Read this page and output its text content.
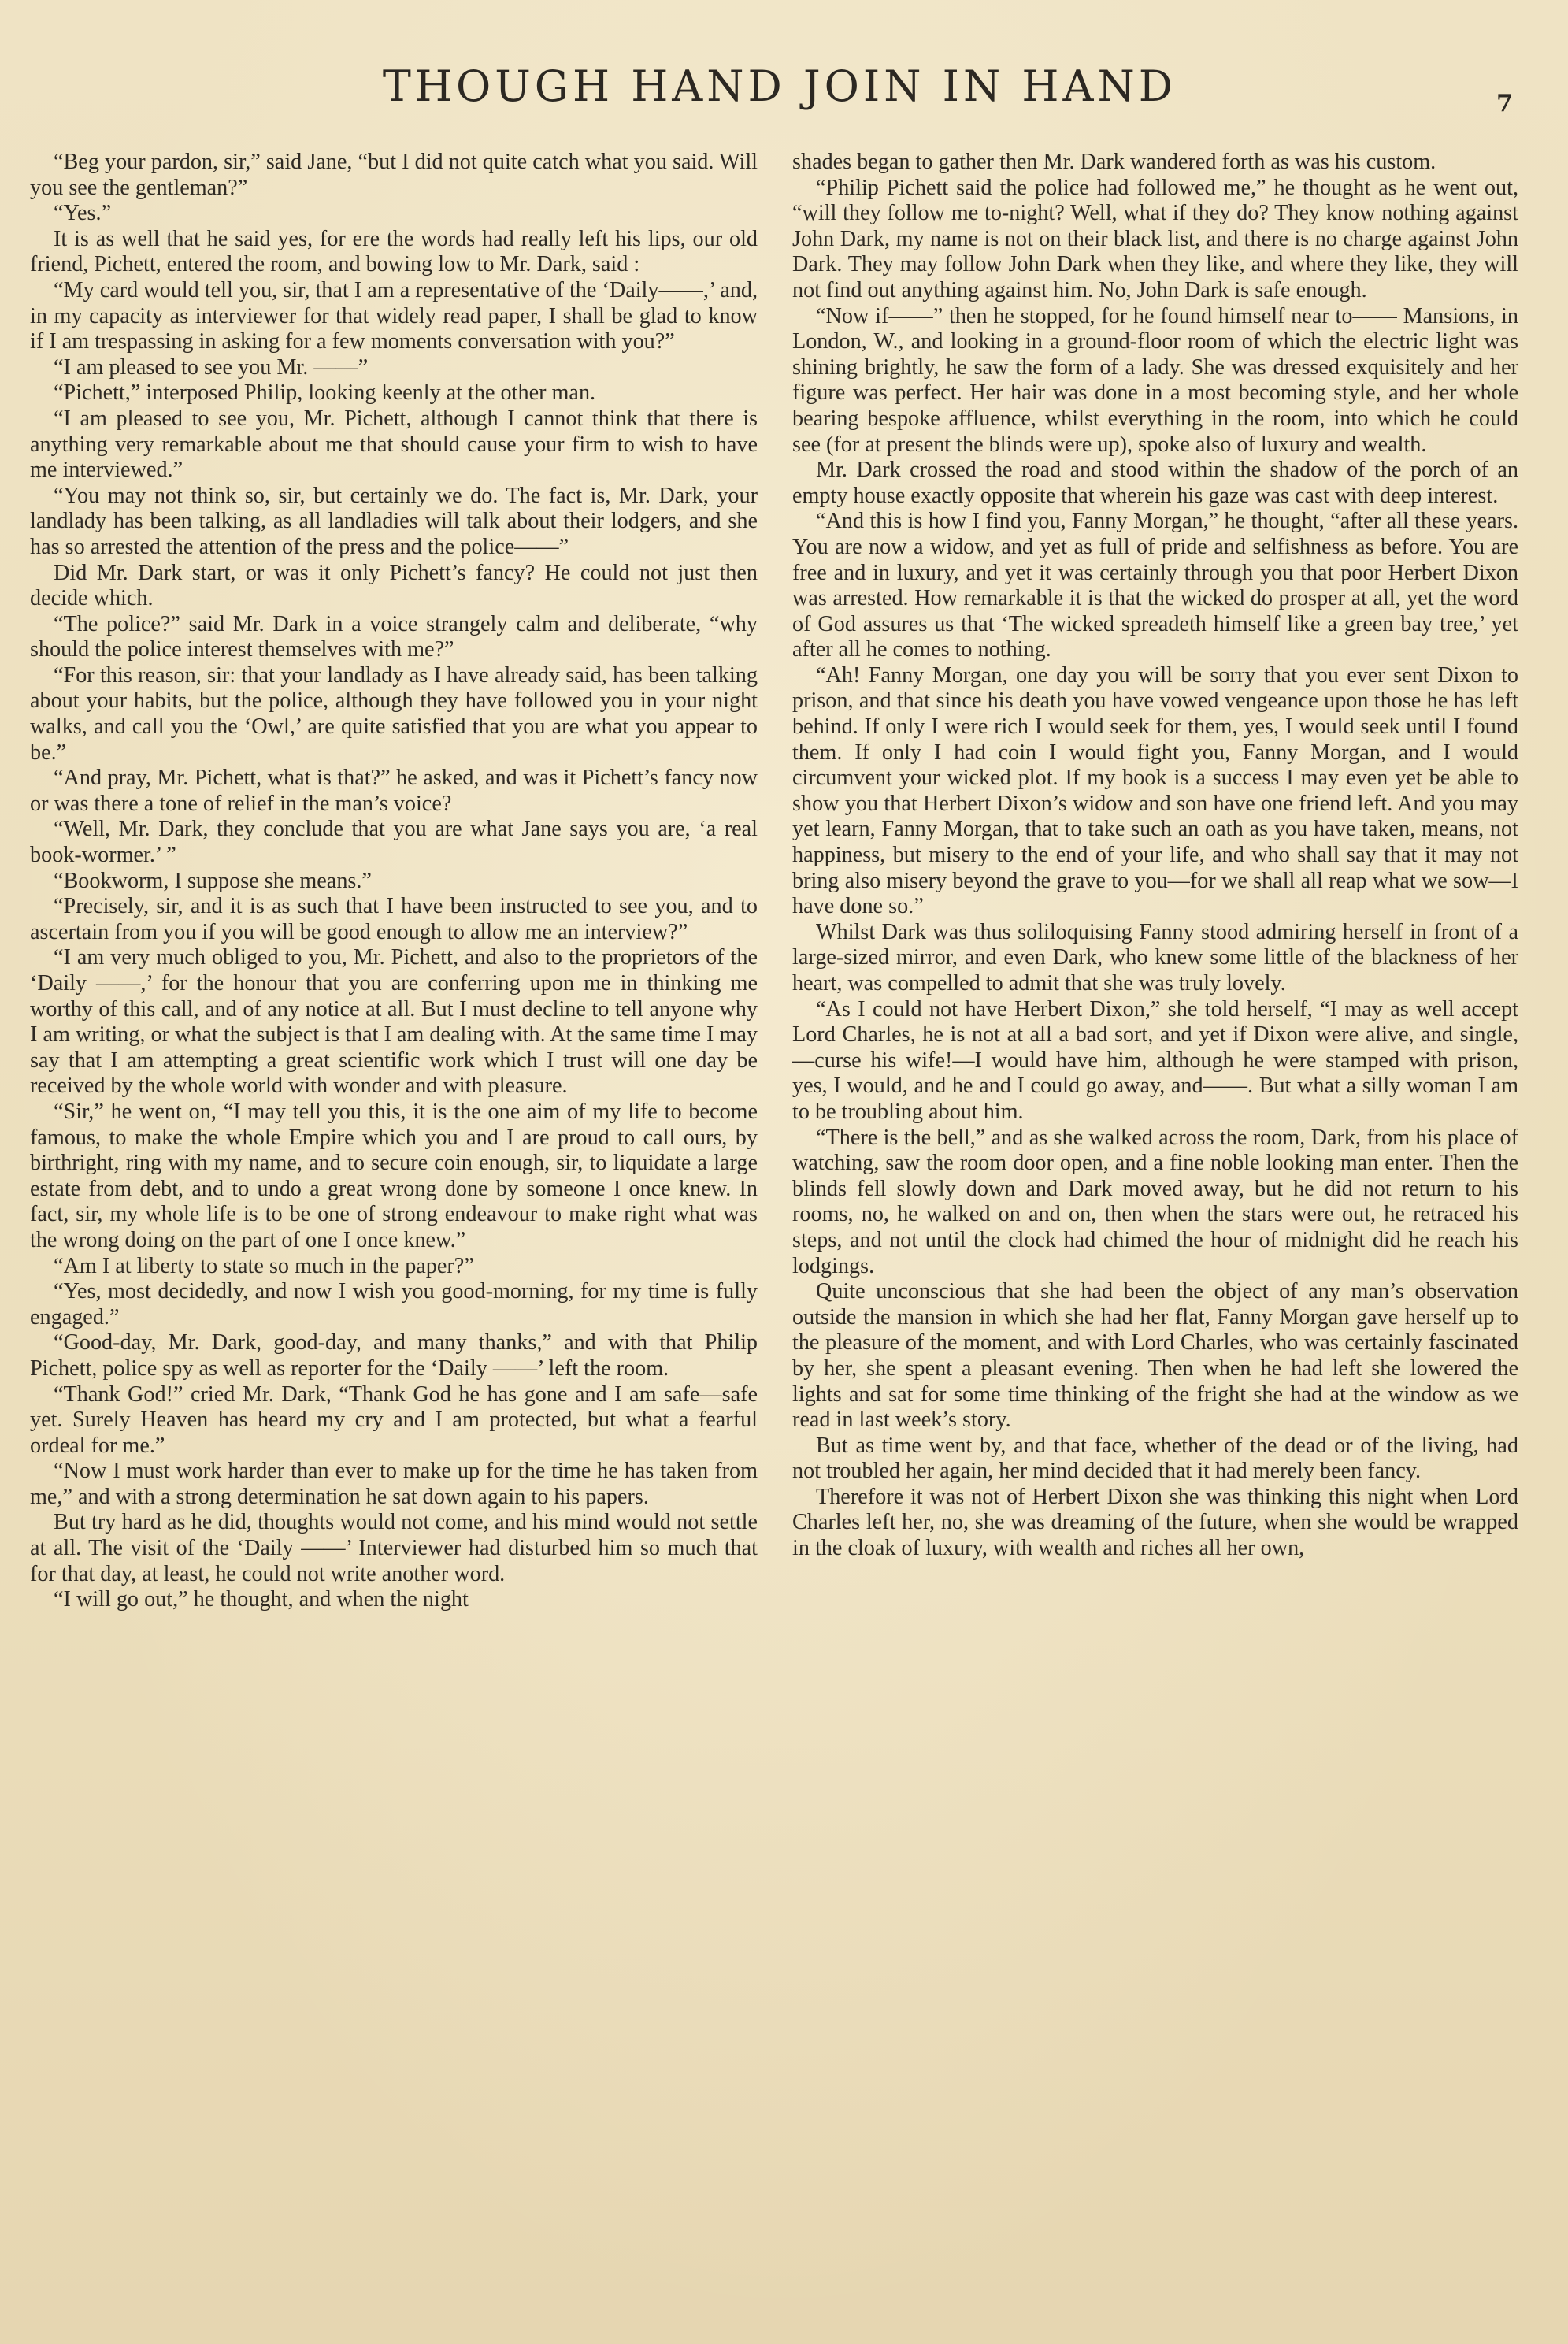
THOUGH HAND JOIN IN HAND	7

“Beg your pardon, sir,” said Jane, “but I did not quite catch what you said. Will you see the gentleman?”

“Yes.”

It is as well that he said yes, for ere the words had really left his lips, our old friend, Pichett, entered the room, and bowing low to Mr. Dark, said :

“My card would tell you, sir, that I am a representative of the ‘Daily——,’ and, in my capacity as interviewer for that widely read paper, I shall be glad to know if I am trespassing in asking for a few moments conversation with you?”

“I am pleased to see you Mr. ——”

“Pichett,” interposed Philip, looking keenly at the other man.

“I am pleased to see you, Mr. Pichett, although I cannot think that there is anything very remarkable about me that should cause your firm to wish to have me interviewed.”

“You may not think so, sir, but certainly we do. The fact is, Mr. Dark, your landlady has been talking, as all landladies will talk about their lodgers, and she has so arrested the attention of the press and the police——”

Did Mr. Dark start, or was it only Pichett’s fancy? He could not just then decide which.

“The police?” said Mr. Dark in a voice strangely calm and deliberate, “why should the police interest themselves with me?”

“For this reason, sir: that your landlady as I have already said, has been talking about your habits, but the police, although they have followed you in your night walks, and call you the ‘Owl,’ are quite satisfied that you are what you appear to be.”

“And pray, Mr. Pichett, what is that?” he asked, and was it Pichett’s fancy now or was there a tone of relief in the man’s voice?

“Well, Mr. Dark, they conclude that you are what Jane says you are, ‘a real book-wormer.’ ”

“Bookworm, I suppose she means.”

“Precisely, sir, and it is as such that I have been instructed to see you, and to ascertain from you if you will be good enough to allow me an interview?”

“I am very much obliged to you, Mr. Pichett, and also to the proprietors of the ‘Daily ——,’ for the honour that you are conferring upon me in thinking me worthy of this call, and of any notice at all. But I must decline to tell anyone why I am writing, or what the subject is that I am dealing with. At the same time I may say that I am attempting a great scientific work which I trust will one day be received by the whole world with wonder and with pleasure.

“Sir,” he went on, “I may tell you this, it is the one aim of my life to become famous, to make the whole Empire which you and I are proud to call ours, by birthright, ring with my name, and to secure coin enough, sir, to liquidate a large estate from debt, and to undo a great wrong done by someone I once knew. In fact, sir, my whole life is to be one of strong endeavour to make right what was the wrong doing on the part of one I once knew.”

“Am I at liberty to state so much in the paper?”

“Yes, most decidedly, and now I wish you good-morning, for my time is fully engaged.”

“Good-day, Mr. Dark, good-day, and many thanks,” and with that Philip Pichett, police spy as well as reporter for the ‘Daily ——’ left the room.

“Thank God!” cried Mr. Dark, “Thank God he has gone and I am safe—safe yet. Surely Heaven has heard my cry and I am protected, but what a fearful ordeal for me.”

“Now I must work harder than ever to make up for the time he has taken from me,” and with a strong determination he sat down again to his papers.

But try hard as he did, thoughts would not come, and his mind would not settle at all. The visit of the ‘Daily ——’ Interviewer had disturbed him so much that for that day, at least, he could not write another word.

“I will go out,” he thought, and when the night

shades began to gather then Mr. Dark wandered forth as was his custom.

“Philip Pichett said the police had followed me,” he thought as he went out, “will they follow me to-night? Well, what if they do? They know nothing against John Dark, my name is not on their black list, and there is no charge against John Dark. They may follow John Dark when they like, and where they like, they will not find out anything against him. No, John Dark is safe enough.

“Now if——” then he stopped, for he found himself near to—— Mansions, in London, W., and looking in a ground-floor room of which the electric light was shining brightly, he saw the form of a lady. She was dressed exquisitely and her figure was perfect. Her hair was done in a most becoming style, and her whole bearing bespoke affluence, whilst everything in the room, into which he could see (for at present the blinds were up), spoke also of luxury and wealth.

Mr. Dark crossed the road and stood within the shadow of the porch of an empty house exactly opposite that wherein his gaze was cast with deep interest.

“And this is how I find you, Fanny Morgan,” he thought, “after all these years. You are now a widow, and yet as full of pride and selfishness as before. You are free and in luxury, and yet it was certainly through you that poor Herbert Dixon was arrested. How remarkable it is that the wicked do prosper at all, yet the word of God assures us that ‘The wicked spreadeth himself like a green bay tree,’ yet after all he comes to nothing.

“Ah! Fanny Morgan, one day you will be sorry that you ever sent Dixon to prison, and that since his death you have vowed vengeance upon those he has left behind. If only I were rich I would seek for them, yes, I would seek until I found them. If only I had coin I would fight you, Fanny Morgan, and I would circumvent your wicked plot. If my book is a success I may even yet be able to show you that Herbert Dixon’s widow and son have one friend left. And you may yet learn, Fanny Morgan, that to take such an oath as you have taken, means, not happiness, but misery to the end of your life, and who shall say that it may not bring also misery beyond the grave to you—for we shall all reap what we sow—I have done so.”

Whilst Dark was thus soliloquising Fanny stood admiring herself in front of a large-sized mirror, and even Dark, who knew some little of the blackness of her heart, was compelled to admit that she was truly lovely.

“As I could not have Herbert Dixon,” she told herself, “I may as well accept Lord Charles, he is not at all a bad sort, and yet if Dixon were alive, and single, —curse his wife!—I would have him, although he were stamped with prison, yes, I would, and he and I could go away, and——. But what a silly woman I am to be troubling about him.

“There is the bell,” and as she walked across the room, Dark, from his place of watching, saw the room door open, and a fine noble looking man enter. Then the blinds fell slowly down and Dark moved away, but he did not return to his rooms, no, he walked on and on, then when the stars were out, he retraced his steps, and not until the clock had chimed the hour of midnight did he reach his lodgings.

Quite unconscious that she had been the object of any man’s observation outside the mansion in which she had her flat, Fanny Morgan gave herself up to the pleasure of the moment, and with Lord Charles, who was certainly fascinated by her, she spent a pleasant evening. Then when he had left she lowered the lights and sat for some time thinking of the fright she had at the window as we read in last week’s story.

But as time went by, and that face, whether of the dead or of the living, had not troubled her again, her mind decided that it had merely been fancy.

Therefore it was not of Herbert Dixon she was thinking this night when Lord Charles left her, no, she was dreaming of the future, when she would be wrapped in the cloak of luxury, with wealth and riches all her own,
